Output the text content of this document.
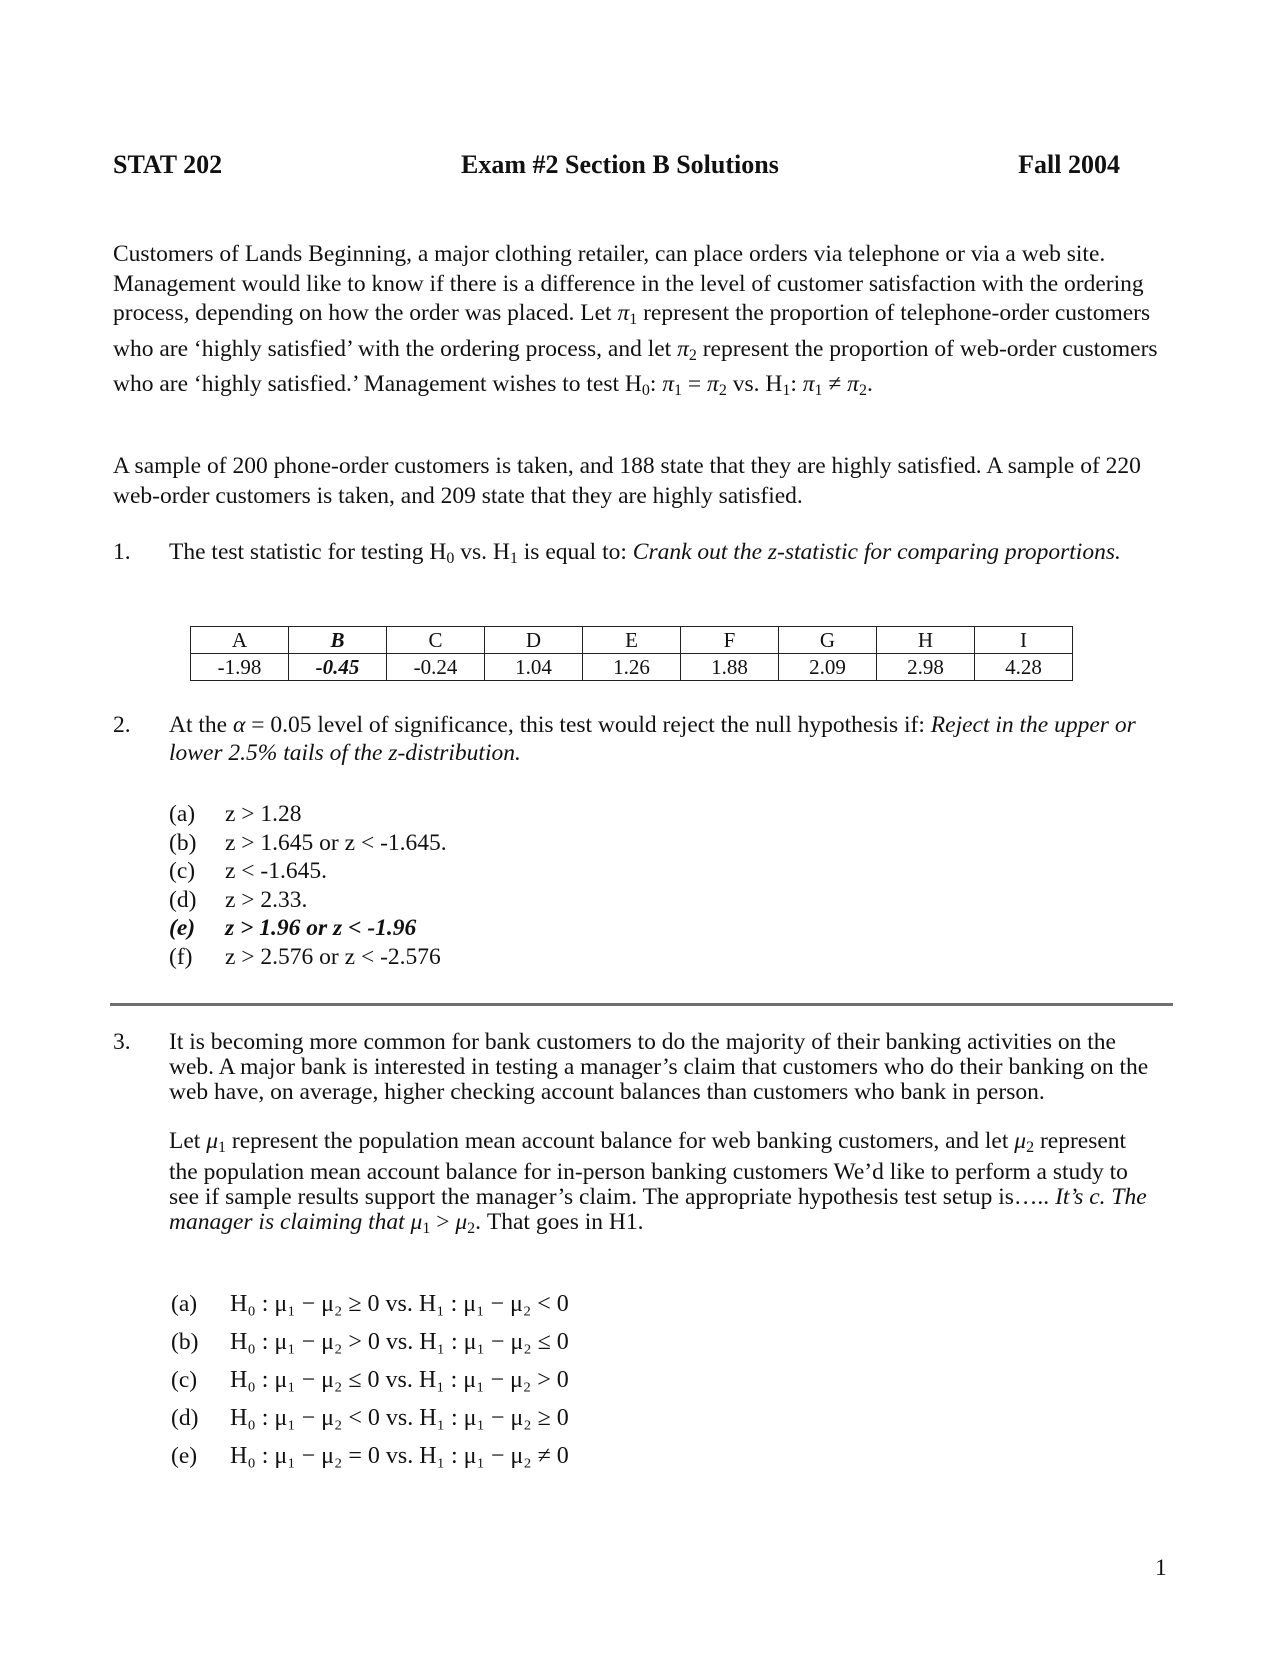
STAT 202	Exam #2 Section B Solutions	Fall 2004
Customers of Lands Beginning, a major clothing retailer, can place orders via telephone or via a web site. Management would like to know if there is a difference in the level of customer satisfaction with the ordering process, depending on how the order was placed. Let $\pi_1$ represent the proportion of telephone-order customers who are ‘highly satisfied’ with the ordering process, and let $\pi_2$ represent the proportion of web-order customers who are ‘highly satisfied.’ Management wishes to test $H_0$: $\pi_1 = \pi_2$ vs. $H_1$: $\pi_1 \ne \pi_2$.
A sample of 200 phone-order customers is taken, and 188 state that they are highly satisfied. A sample of 220 web-order customers is taken, and 209 state that they are highly satisfied.
1. The test statistic for testing $H_0$ vs. $H_1$ is equal to: Crank out the z-statistic for comparing proportions.
A	B	C	D	E	F	G	H	I
-1.98	-0.45	-0.24	1.04	1.26	1.88	2.09	2.98	4.28
2. At the α = 0.05 level of significance, this test would reject the null hypothesis if: Reject in the upper or lower 2.5% tails of the z-distribution.
(a) z > 1.28
(b) z > 1.645 or z < -1.645.
(c) z < -1.645.
(d) z > 2.33.
(e) z > 1.96 or z < -1.96
(f) z > 2.576 or z < -2.576
3. It is becoming more common for bank customers to do the majority of their banking activities on the web. A major bank is interested in testing a manager’s claim that customers who do their banking on the web have, on average, higher checking account balances than customers who bank in person.
Let $\mu_1$ represent the population mean account balance for web banking customers, and let $\mu_2$ represent the population mean account balance for in-person banking customers We’d like to perform a study to see if sample results support the manager’s claim. The appropriate hypothesis test setup is….. It’s c. The manager is claiming that $\mu_1 > \mu_2$. That goes in H1.
(a) H₀ : μ₁ − μ₂ ≥ 0 vs. H₁ : μ₁ − μ₂ < 0
(b) H₀ : μ₁ − μ₂ > 0 vs. H₁ : μ₁ − μ₂ ≤ 0
(c) H₀ : μ₁ − μ₂ ≤ 0 vs. H₁ : μ₁ − μ₂ > 0
(d) H₀ : μ₁ − μ₂ < 0 vs. H₁ : μ₁ − μ₂ ≥ 0
(e) H₀ : μ₁ − μ₂ = 0 vs. H₁ : μ₁ − μ₂ ≠ 0
1
